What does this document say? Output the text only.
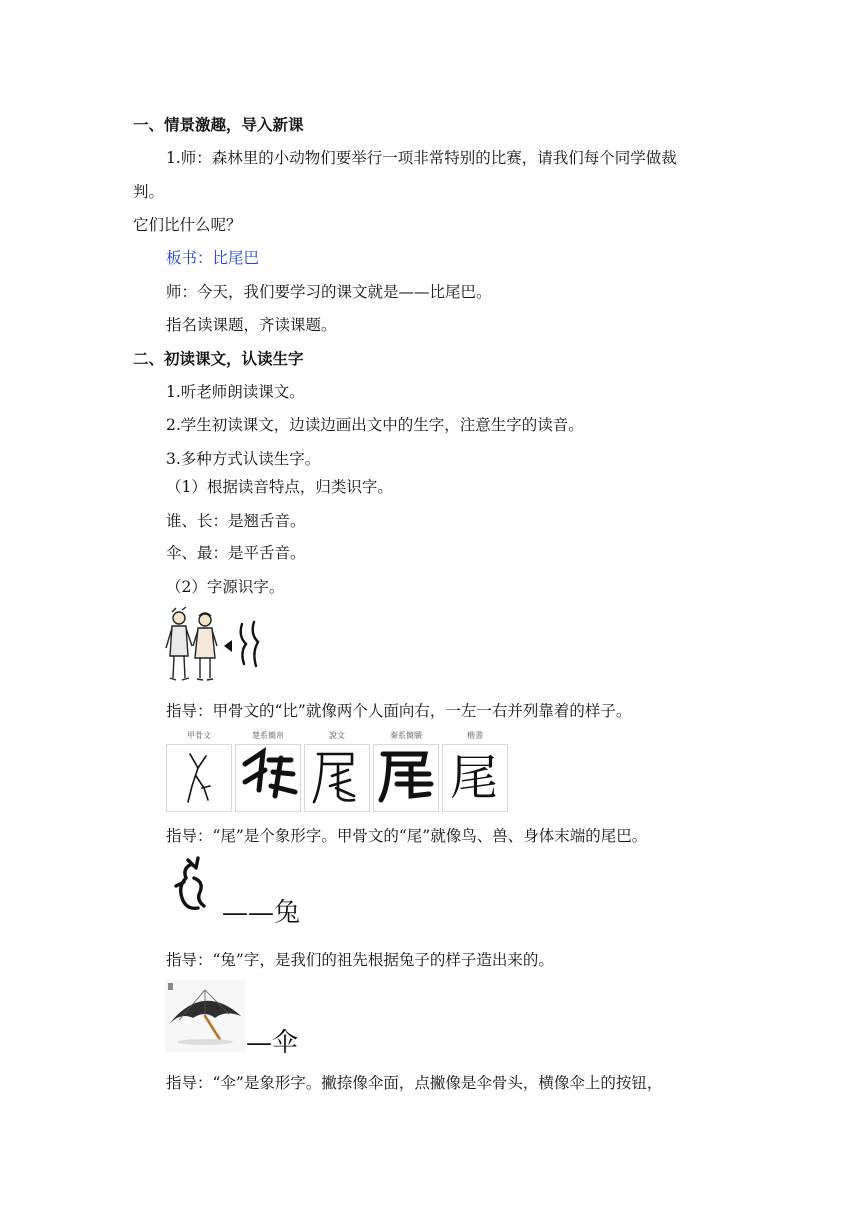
一、情景激趣，导入新课
1.师：森林里的小动物们要举行一项非常特别的比赛，请我们每个同学做裁
判。
它们比什么呢？
板书：比尾巴
师：今天，我们要学习的课文就是——比尾巴。
指名读课题，齐读课题。
二、初读课文，认读生字
1.听老师朗读课文。
2.学生初读课文，边读边画出文中的生字，注意生字的读音。
3.多种方式认读生字。
（1）根据读音特点，归类识字。
谁、长：是翘舌音。
伞、最：是平舌音。
（2）字源识字。
指导：甲骨文的“比”就像两个人面向右，一左一右并列靠着的样子。
甲骨文	楚系簡帛	說文	秦系簡牘	楷書
尾
指导：“尾”是个象形字。甲骨文的“尾”就像鸟、兽、身体末端的尾巴。
——兔
指导：“兔”字，是我们的祖先根据兔子的样子造出来的。
—伞
指导：“伞”是象形字。撇捺像伞面，点撇像是伞骨头，横像伞上的按钮，
